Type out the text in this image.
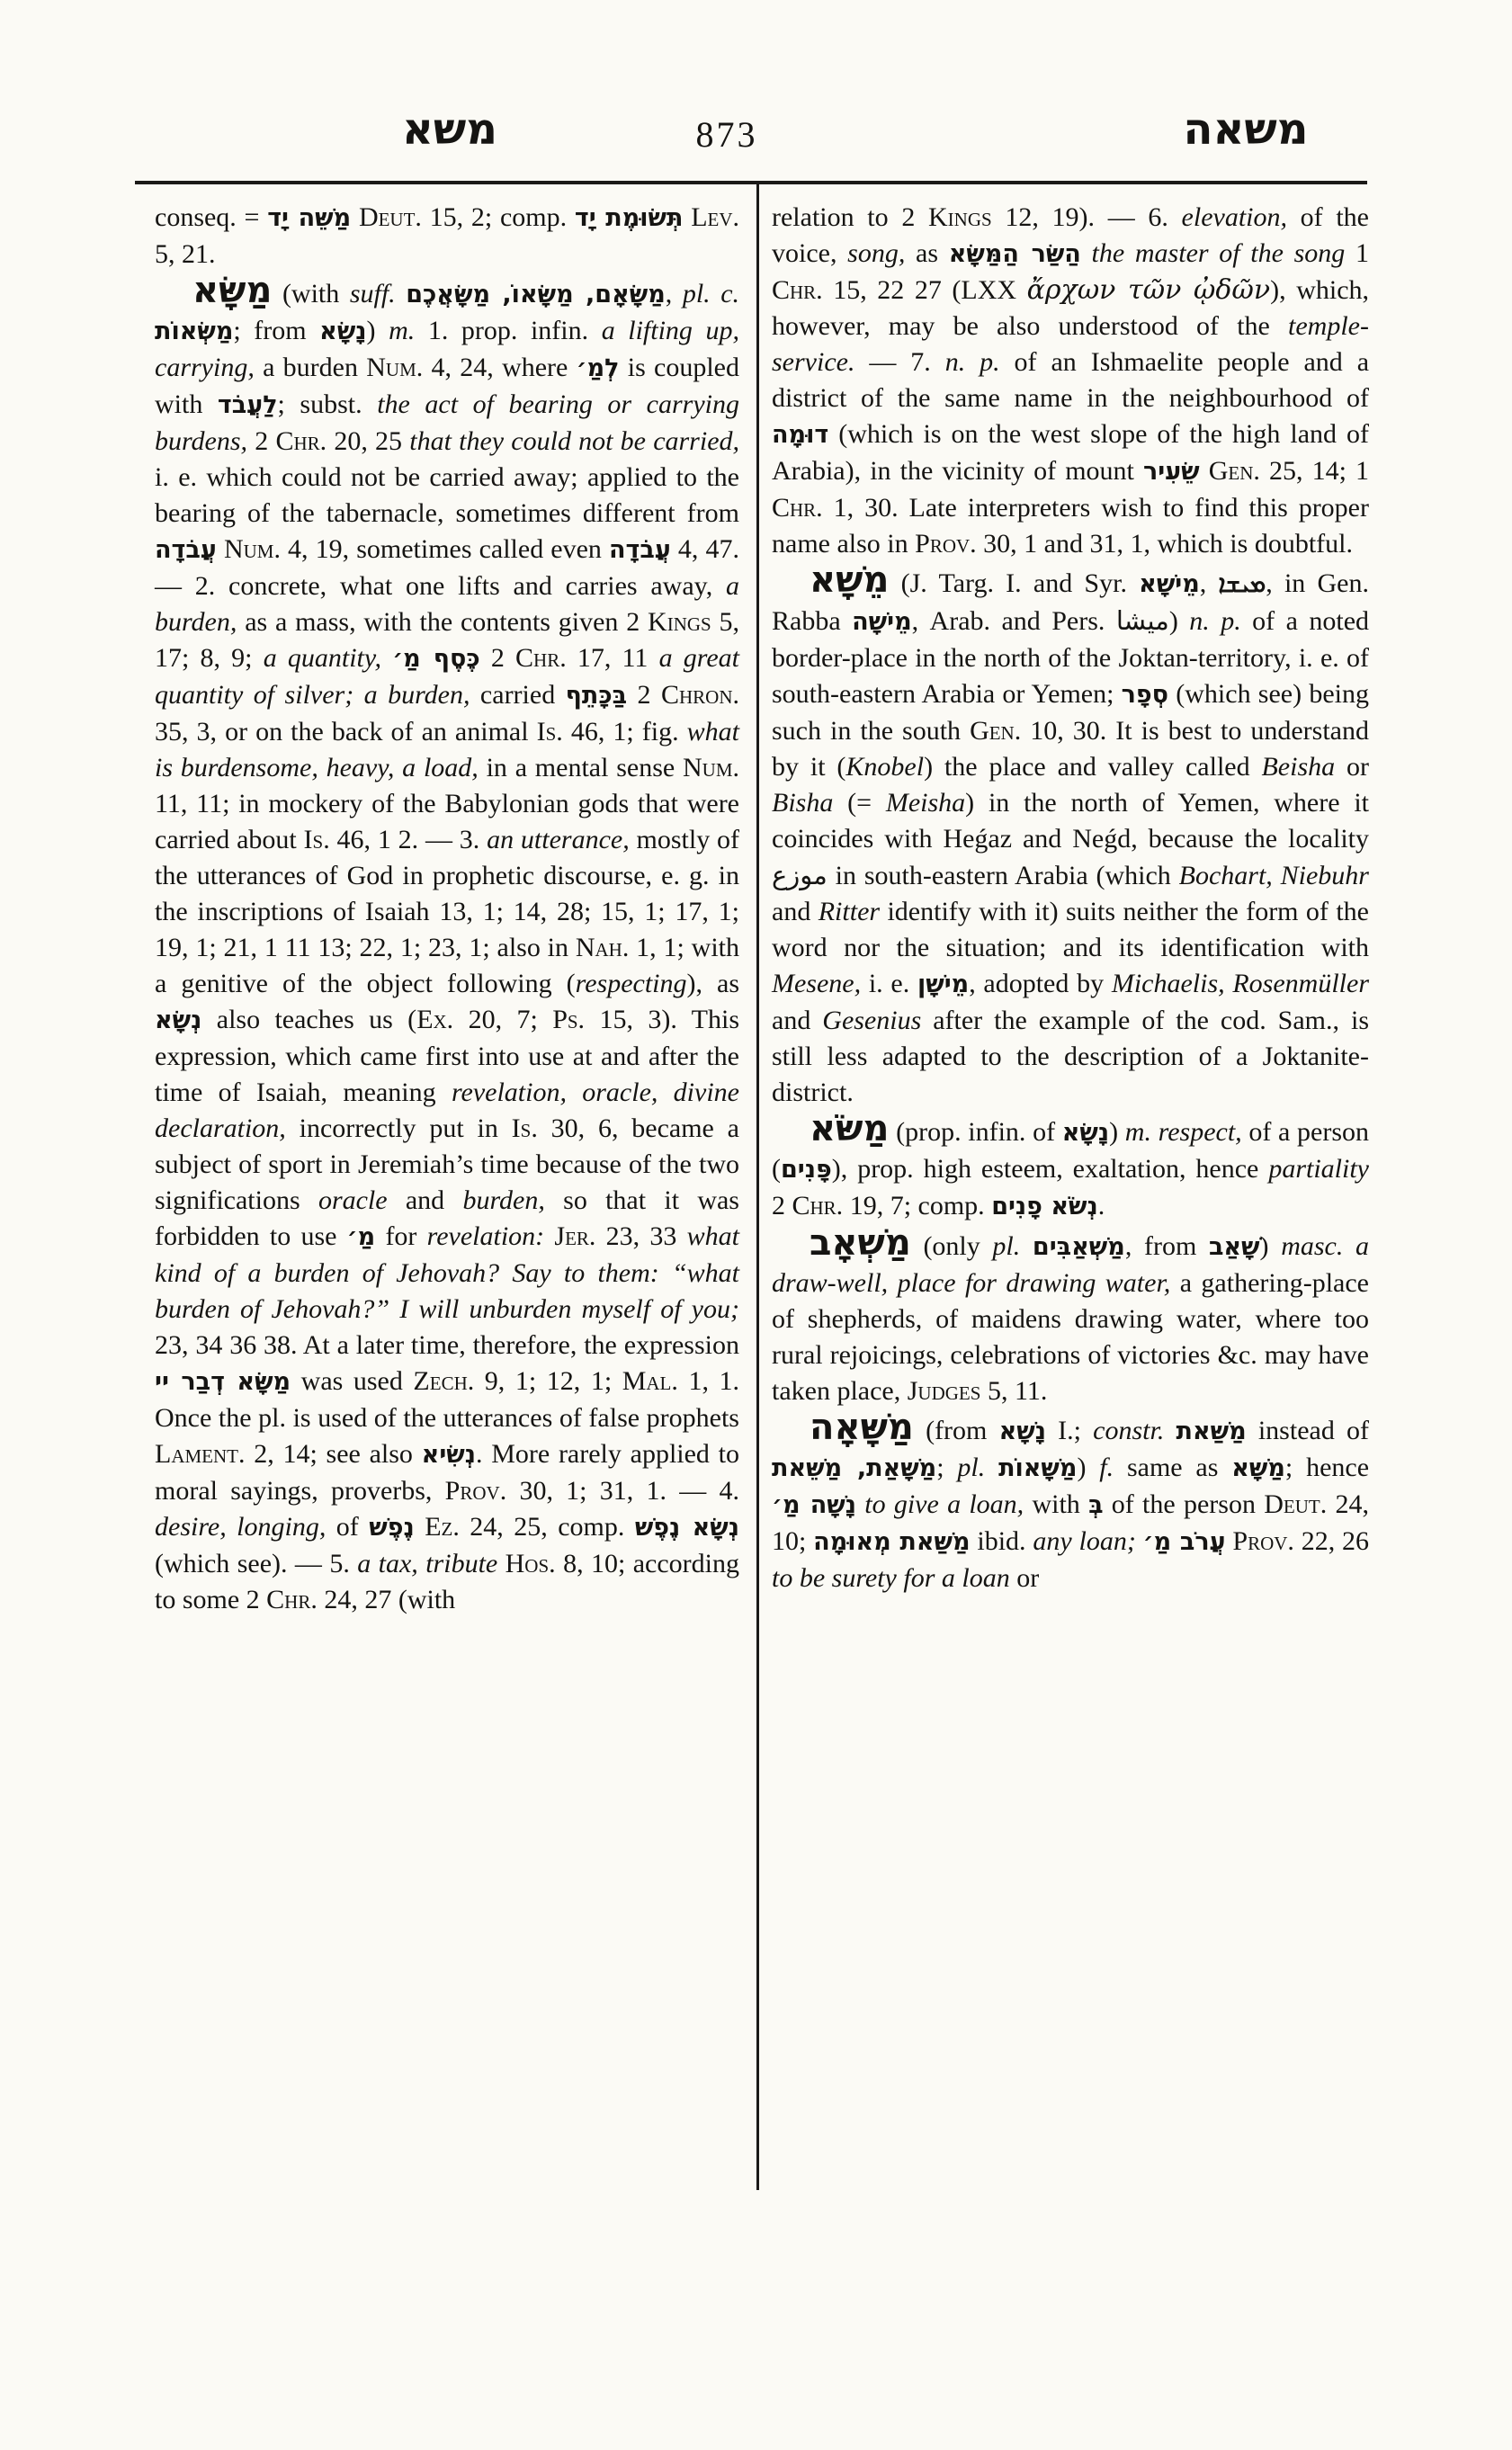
משא	873	משאה

conseq. = מַשֵּׁה יָד Deut. 15, 2; comp. תְּשׂוּמֶת יָד Lev. 5, 21.

מַשָּׂא (with suff. מַשָּׂאָם, מַשָּׂאוֹ, מַשָּׂאֲכֶם, pl. c. מַשְּׂאוֹת; from נָשָׂא) m. 1. prop. infin. a lifting up, carrying, a burden Num. 4, 24, where לְמַ׳ is coupled with לַעֲבֹד; subst. the act of bearing or carrying burdens, 2 Chr. 20, 25 that they could not be carried, i. e. which could not be carried away; applied to the bearing of the tabernacle, sometimes different from עֲבֹדָה Num. 4, 19, sometimes called even עֲבֹדָה 4, 47. — 2. concrete, what one lifts and carries away, a burden, as a mass, with the contents given 2 Kings 5, 17; 8, 9; a quantity, כֶּסֶף מַ׳ 2 Chr. 17, 11 a great quantity of silver; a burden, carried בַּכָּתֵף 2 Chron. 35, 3, or on the back of an animal Is. 46, 1; fig. what is burdensome, heavy, a load, in a mental sense Num. 11, 11; in mockery of the Babylonian gods that were carried about Is. 46, 1 2. — 3. an utterance, mostly of the utterances of God in prophetic discourse, e. g. in the inscriptions of Isaiah 13, 1; 14, 28; 15, 1; 17, 1; 19, 1; 21, 1 11 13; 22, 1; 23, 1; also in Nah. 1, 1; with a genitive of the object following (respecting), as נְשָׂא also teaches us (Ex. 20, 7; Ps. 15, 3). This expression, which came first into use at and after the time of Isaiah, meaning revelation, oracle, divine declaration, incorrectly put in Is. 30, 6, became a subject of sport in Jeremiah’s time because of the two significations oracle and burden, so that it was forbidden to use מַ׳ for revelation: Jer. 23, 33 what kind of a burden of Jehovah? Say to them: “what burden of Jehovah?” I will unburden myself of you; 23, 34 36 38. At a later time, therefore, the expression מַשָּׂא דְבַר יי was used Zech. 9, 1; 12, 1; Mal. 1, 1. Once the pl. is used of the utterances of false prophets Lament. 2, 14; see also נְשִׂיא. More rarely applied to moral sayings, proverbs, Prov. 30, 1; 31, 1. — 4. desire, longing, of נֶפֶשׁ Ez. 24, 25, comp. נְשָׂא נֶפֶשׁ (which see). — 5. a tax, tribute Hos. 8, 10; according to some 2 Chr. 24, 27 (with

relation to 2 Kings 12, 19). — 6. elevation, of the voice, song, as הַשַּׂר הַמַּשָּׂא the master of the song 1 Chr. 15, 22 27 (LXX ἄρχων τῶν ᾠδῶν), which, however, may be also understood of the temple-service. — 7. n. p. of an Ishmaelite people and a district of the same name in the neighbourhood of דוּמָה (which is on the west slope of the high land of Arabia), in the vicinity of mount שֵׂעִיר Gen. 25, 14; 1 Chr. 1, 30. Late interpreters wish to find this proper name also in Prov. 30, 1 and 31, 1, which is doubtful.

מֵשָׁא (J. Targ. I. and Syr. מֵישָׁא, ܡܝܫܐ, in Gen. Rabba מֵישָׁה, Arab. and Pers. ميشا) n. p. of a noted border-place in the north of the Joktan-territory, i. e. of south-eastern Arabia or Yemen; סְפָר (which see) being such in the south Gen. 10, 30. It is best to understand by it (Knobel) the place and valley called Beisha or Bisha (= Meisha) in the north of Yemen, where it coincides with Heǵaz and Neǵd, because the locality موزع in south-eastern Arabia (which Bochart, Niebuhr and Ritter identify with it) suits neither the form of the word nor the situation; and its identification with Mesene, i. e. מֵישָׁן, adopted by Michaelis, Rosenmüller and Gesenius after the example of the cod. Sam., is still less adapted to the description of a Joktanite-district.

מַשֹּׂא (prop. infin. of נָשָׂא) m. respect, of a person (פָּנִים), prop. high esteem, exaltation, hence partiality 2 Chr. 19, 7; comp. נְשֹׂא פָנִים.

מַשְׁאָב (only pl. מַשְׁאַבִּים, from שָׁאַב) masc. a draw-well, place for drawing water, a gathering-place of shepherds, of maidens drawing water, where too rural rejoicings, celebrations of victories &c. may have taken place, Judges 5, 11.

מַשָּׁאָה (from נָשָׁא I.; constr. מַשַּׁאת instead of מַשָּׁאַת, מַשֵּׁאת; pl. מַשָּׁאוֹת) f. same as מַשָּׁא; hence נָשָׁה מַ׳ to give a loan, with בְּ of the person Deut. 24, 10; מַשַּׁאת מְאוּמָה ibid. any loan; עֲרֹב מַ׳ Prov. 22, 26 to be surety for a loan or
